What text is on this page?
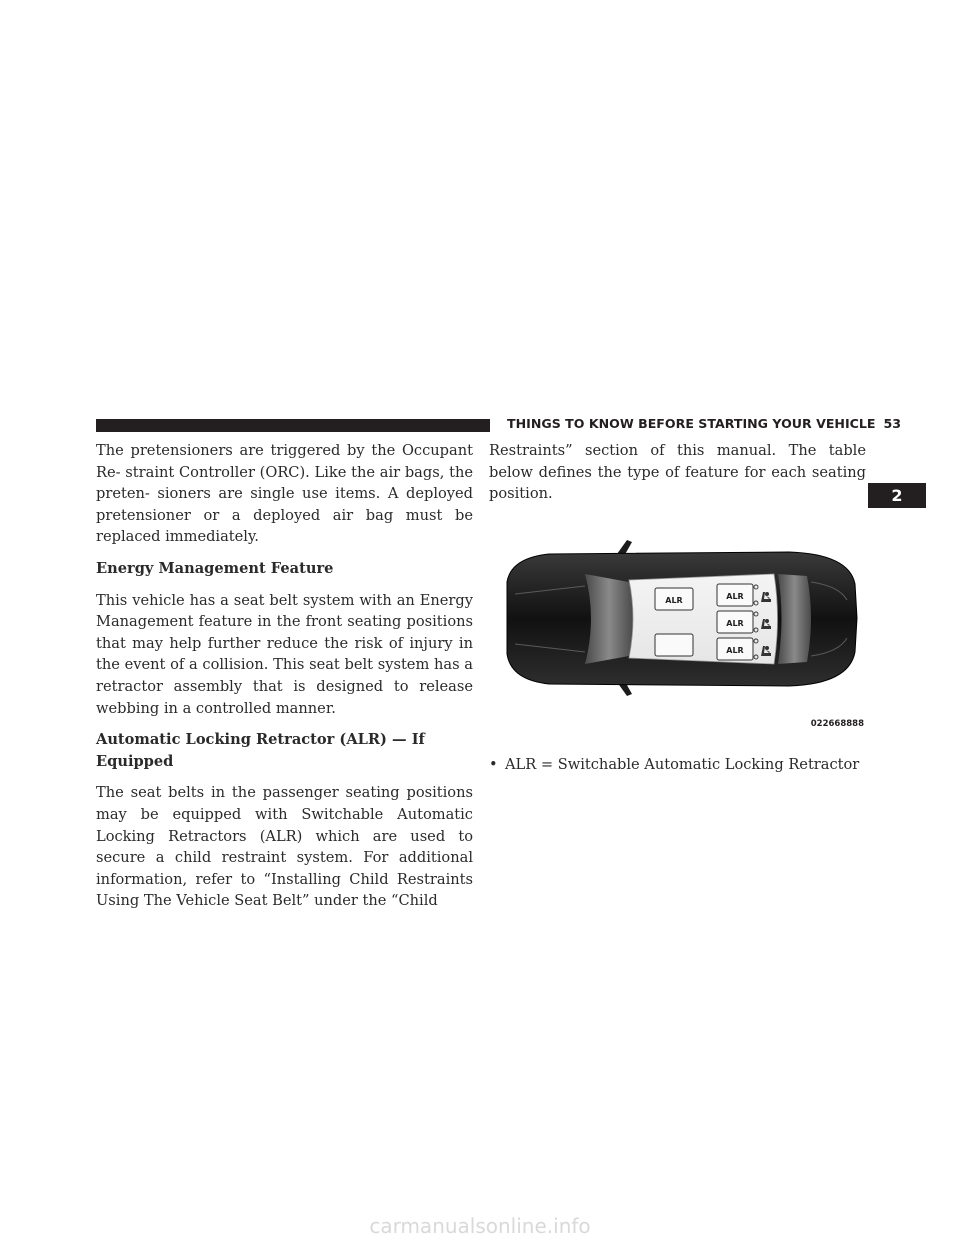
THINGS TO KNOW BEFORE STARTING YOUR VEHICLE 53
2

The pretensioners are triggered by the Occupant Re- straint Controller (ORC). Like the air bags, the preten- sioners are single use items. A deployed pretensioner or a deployed air bag must be replaced immediately.

Energy Management Feature

This vehicle has a seat belt system with an Energy Management feature in the front seating positions that may help further reduce the risk of injury in the event of a collision. This seat belt system has a retractor assembly that is designed to release webbing in a controlled manner.

Automatic Locking Retractor (ALR) — If Equipped

The seat belts in the passenger seating positions may be equipped with Switchable Automatic Locking Retractors (ALR) which are used to secure a child restraint system. For additional information, refer to “Installing Child Restraints Using The Vehicle Seat Belt” under the “Child

Restraints” section of this manual. The table below defines the type of feature for each seating position.

ALR	ALR
ALR
ALR
022668888
• ALR = Switchable Automatic Locking Retractor
carmanualsonline.info
